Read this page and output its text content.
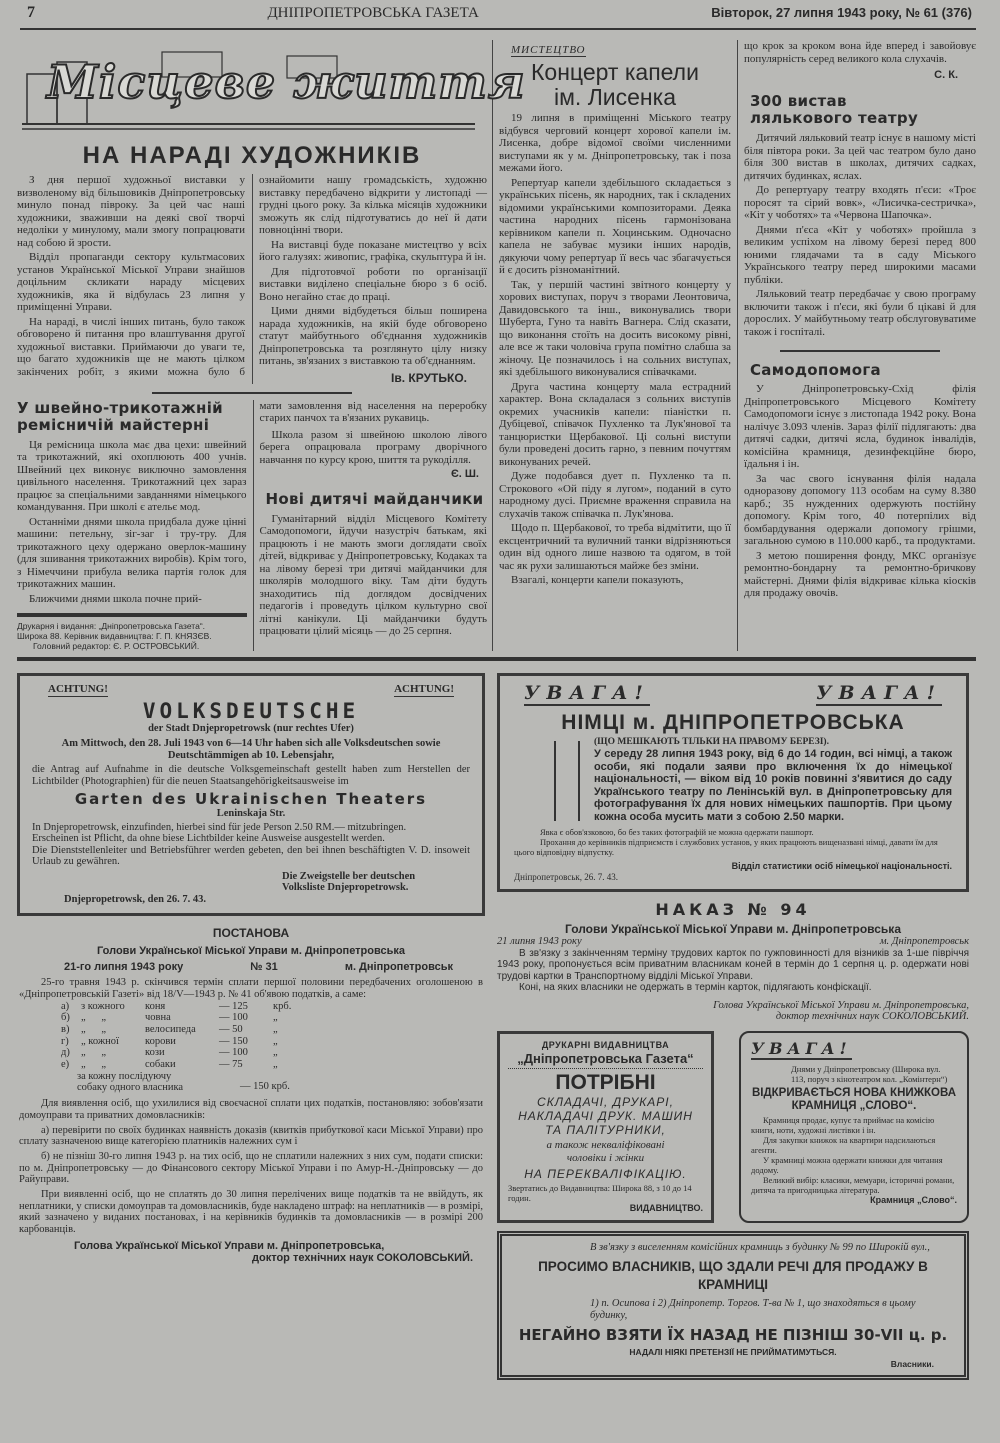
7	ДНІПРОПЕТРОВСЬКА ГАЗЕТА	Вівторок, 27 липня 1943 року, № 61 (376)
Місцеве життя
НА НАРАДІ ХУДОЖНИКІВ

З дня першої художньої виставки у визволеному від більшовиків Дніпропетровську минуло понад півроку. За цей час наші художники, зваживши на деякі свої творчі недоліки у минулому, мали змогу попрацювати над собою й зрости.

Відділ пропаганди сектору культмасових установ Української Міської Управи знайшов доцільним скликати нараду місцевих художників, яка й відбулась 23 липня у приміщенні Управи.

На нараді, в числі інших питань, було також обговорено й питання про влаштування другої художньої виставки. Приймаючи до уваги те, що багато художників ще не мають цілком закінчених робіт, з якими можна було б ознайомити нашу громадськість, художню виставку передбачено відкрити у листопаді — грудні цього року. За кілька місяців художники зможуть як слід підготуватись до неї й дати повноцінні твори.

На виставці буде показане мистецтво у всіх його галузях: живопис, графіка, скульптура й ін.

Для підготовчої роботи по організації виставки виділено спеціальне бюро з 6 осіб. Воно негайно стає до праці.

Цими днями відбудеться більш поширена нарада художників, на якій буде обговорено статут майбутнього об'єднання художників Дніпропетровська та розглянуто цілу низку питань, зв'язаних з виставкою та об'єднанням.

Ів. КРУТЬКО.

У швейно-трикотажній ремісничій майстерні

Ця ремісница школа має два цехи: швейний та трикотажний, які охоплюють 400 учнів. Швейний цех виконує виключно замовлення цивільного населення. Трикотажний цех зараз працює за спеціальними завданнями німецького командування. При школі є ательє мод.

Останніми днями школа придбала дуже цінні машини: петельну, зіг-заг і тру-тру. Для трикотажного цеху одержано оверлок-машину (для зшивання трикотажних виробів). Крім того, з Німеччини прибула велика партія голок для трикотажних машин.

Ближчими днями школа почне прий-

Друкарня і видання: „Дніпропетровська Газета“.
Широка 88. Керівник видавництва: Г. П. КНЯЗЄВ.
Головний редактор: Є. Р. ОСТРОВСЬКИЙ.

мати замовлення від населення на переробку старих панчох та в'язаних рукавиць.

Школа разом зі швейною школою лівого берега опрацювала програму дворічного навчання по курсу крою, шиття та рукоділля.

Є. Ш.

Нові дитячі майданчики

Гуманітарний відділ Місцевого Комітету Самодопомоги, йдучи назустріч батькам, які працюють і не мають змоги доглядати своїх дітей, відкриває у Дніпропетровську, Кодаках та на лівому березі три дитячі майданчики для школярів молодшого віку. Там діти будуть знаходитись під доглядом досвідчених педагогів і проведуть цілком культурно свої літні канікули. Ці майданчики будуть працювати цілий місяць — до 25 серпня.

МИСТЕЦТВО
Концерт капели
ім. Лисенка

19 липня в приміщенні Міського театру відбувся черговий концерт хорової капели ім. Лисенка, добре відомої своїми численними виступами як у м. Дніпропетровську, так і поза межами його.

Репертуар капели здебільшого складається з українських пісень, як народних, так і складених відомими українськими композиторами. Деяка частина народних пісень гармонізована керівником капели п. Хоцинським. Одночасно капела не забуває музики інших народів, дякуючи чому репертуар її весь час збагачується й є досить різноманітний.

Так, у першій частині звітного концерту у хорових виступах, поруч з творами Леонтовича, Давидовського та інш., виконувались твори Шуберта, Гуно та навіть Вагнера. Слід сказати, що виконання стоїть на досить високому рівні, але все ж таки чоловіча група помітно слабша за жіночу. Це позначилось і на сольних виступах, які здебільшого виконувалися співачками.

Друга частина концерту мала естрадний характер. Вона складалася з сольних виступів окремих учасників капели: піаністки п. Дубіцевої, співачок Пухленко та Лук'янової та танцюристки Щербакової. Ці сольні виступи були проведені досить гарно, з певним почуттям виконуваних речей.

Дуже подобався дует п. Пухленко та п. Строкового «Ой піду я лугом», поданий в суто народному дусі. Приємне враження справила на слухачів також співачка п. Лук'янова.

Щодо п. Щербакової, то треба відмітити, що її ексцентричний та вуличний танки відрізняються один від одного лише назвою та одягом, в той час як рухи залишаються майже без зміни.

Взагалі, концерти капели показують,

що крок за кроком вона йде вперед і завойовує популярність серед великого кола слухачів.

С. К.

300 вистав лялькового театру

Дитячий ляльковий театр існує в нашому місті біля півтора роки. За цей час театром було дано біля 300 вистав в школах, дитячих садках, дитячих будинках, яслах.

До репертуару театру входять п'єси: «Троє поросят та сірий вовк», «Лисичка-сестричка», «Кіт у чоботях» та «Червона Шапочка».

Днями п'єса «Кіт у чоботях» пройшла з великим успіхом на лівому березі перед 800 юними глядачами та в саду Міського Українського театру перед широкими масами публіки.

Ляльковий театр передбачає у свою програму включити також і п'єси, які були б цікаві й для дорослих. У майбутньому театр обслуговуватиме також і госпіталі.

Самодопомога

У Дніпропетровську-Схід філія Дніпропетровського Місцевого Комітету Самодопомоги існує з листопада 1942 року. Вона налічує 3.093 членів. Зараз філії підлягають: два дитячі садки, дитячі ясла, будинок інвалідів, комісійна крамниця, дезинфекційне бюро, їдальня і ін.

За час свого існування філія надала одноразову допомогу 113 особам на суму 8.380 карб.; 35 нужденних одержують постійну допомогу. Крім того, 40 потерпілих від бомбардування одержали допомогу грішми, загальною сумою в 110.000 карб., та продуктами.

З метою поширення фонду, МКС організує ремонтно-бондарну та ремонтно-бричкову майстерні. Днями філія відкриває кілька кіосків для продажу овочів.

ACHTUNG!	ACHTUNG!
VOLKSDEUTSCHE
der Stadt Dnjepropetrowsk (nur rechtes Ufer)
Am Mittwoch, den 28. Juli 1943 von 6—14 Uhr haben sich alle Volksdeutschen sowie Deutschtämmigen ab 10. Lebensjahr,
die Antrag auf Aufnahme in die deutsche Volksgemeinschaft gestellt haben zum Herstellen der Lichtbilder (Photographien) für die neuen Staatsangehörigkeitsausweise im
Garten des Ukrainischen Theaters
Leninskaja Str.
In Dnjepropetrowsk, einzufinden, hierbei sind für jede Person 2.50 RM.— mitzubringen.
Erscheinen ist Pflicht, da ohne biese Lichtbilder keine Ausweise ausgestellt werden.
Die Dienststellenleiter und Betriebsführer werden gebeten, den bei ihnen beschäftigten V. D. insoweit Urlaub zu gewähren.
Die Zweigstelle ber deutschen
Volksliste Dnjepropetrowsk.
Dnjepropetrowsk, den 26. 7. 43.
ПОСТАНОВА
Голови Української Міської Управи м. Дніпропетровська
21-го липня 1943 року	№ 31	м. Дніпропетровськ
25-го травня 1943 р. скінчився термін сплати першої половини передбачених оголошеною в «Дніпропетровській Газеті» від 18/V—1943 р. № 41 об'явою податків, а саме:
а)	з кожного	коня	— 125	крб.
б)	„      „	човна	— 100	„
в)	„      „	велосипеда	— 50	„
г)	„ кожної	корови	— 150	„
д)	„      „	кози	— 100	„
е)	„      „	собаки	— 75	„
за кожну послідуючу собаку одного власника	— 150 крб.
Для виявлення осіб, що ухилилися від своєчасної сплати цих податків, постановляю: зобов'язати домоуправи та приватних домовласників:
а) перевірити по своїх будинках наявність доказів (квитків прибуткової каси Міської Управи) про сплату зазначеною вище категорією платників належних сум і
б) не пізніш 30-го липня 1943 р. на тих осіб, що не сплатили належних з них сум, подати списки: по м. Дніпропетровську — до Фінансового сектору Міської Управи і по Амур-Н.-Дніпровську — до Райуправи.
При виявленні осіб, що не сплатять до 30 липня перелічених вище податків та не ввійдуть, як неплатники, у списки домоуправ та домовласників, буде накладено штраф: на неплатників — в розмірі, який зазначено у виданих постановах, і на керівників будинків та домовласників — в розмірі 200 карбованців.
Голова Української Міської Управи м. Дніпропетровська,
доктор технічних наук СОКОЛОВСЬКИЙ.
УВАГА!	УВАГА!
НІМЦІ м. ДНІПРОПЕТРОВСЬКА
(ЩО МЕШКАЮТЬ ТІЛЬКИ НА ПРАВОМУ БЕРЕЗІ).
У середу 28 липня 1943 року, від 6 до 14 годин, всі німці, а також особи, які подали заяви про включення їх до німецької національності, — віком від 10 років повинні з'явитися до саду Українського театру по Ленінській вул. в Дніпропетровську для фотографування їх для нових німецьких пашпортів. При цьому кожна особа мусить мати з собою 2.50 марки.
Явка є обов'язковою, бо без таких фотографій не можна одержати пашпорт.
Прохання до керівників підприємств і службових установ, у яких працюють вищеназвані німці, давати їм для цього відповідну відпустку.
Відділ статистики осіб німецької національності.
Дніпропетровськ, 26. 7. 43.
НАКАЗ № 94
Голови Української Міської Управи м. Дніпропетровська
21 липня 1943 року	м. Дніпропетровськ
В зв'язку з закінченням терміну трудових карток по гужповинності для візників за 1-ше півріччя 1943 року, пропонується всім приватним власникам коней в термін до 1 серпня ц. р. одержати нові трудові картки в Транспортному відділі Міської Управи.
Коні, на яких власники не одержать в термін карток, підлягають конфіскації.
Голова Української Міської Управи м. Дніпропетровська,
доктор технічних наук СОКОЛОВСЬКИЙ.
ДРУКАРНІ ВИДАВНИЦТВА
„Дніпропетровська Газета“
ПОТРІБНІ
СКЛАДАЧІ, ДРУКАРІ, НАКЛАДАЧІ ДРУК. МАШИН ТА ПАЛІТУРНИКИ,
а також некваліфіковані чоловіки і жінки
НА ПЕРЕКВАЛІФІКАЦІЮ.
Звертатись до Видавництва: Широка 88, з 10 до 14 годин.
ВИДАВНИЦТВО.
УВАГА!
Днями у Дніпропетровську (Широка вул. 113, поруч з кінотеатром кол. „Комінтерн“)
ВІДКРИВАЄТЬСЯ НОВА КНИЖКОВА КРАМНИЦЯ „СЛОВО“.
Крамниця продає, купує та приймає на комісію книги, ноти, художні листівки і ін.
Для закупки книжок на квартири надсилаються агенти.
У крамниці можна одержати книжки для читання додому.
Великий вибір: класики, мемуари, історичні романи, дитяча та пригодницька література.
Крамниця „Слово“.
В зв'язку з виселенням комісійних крамниць з будинку № 99 по Широкій вул.,
ПРОСИМО ВЛАСНИКІВ, ЩО ЗДАЛИ РЕЧІ ДЛЯ ПРОДАЖУ В КРАМНИЦІ
1) п. Осипова і 2) Дніпропетр. Торгов. Т-ва № 1, що знаходяться в цьому будинку,
НЕГАЙНО ВЗЯТИ ЇХ НАЗАД НЕ ПІЗНІШ 30-VII ц. р.
НАДАЛІ НІЯКІ ПРЕТЕНЗІЇ НЕ ПРИЙМАТИМУТЬСЯ.
Власники.
